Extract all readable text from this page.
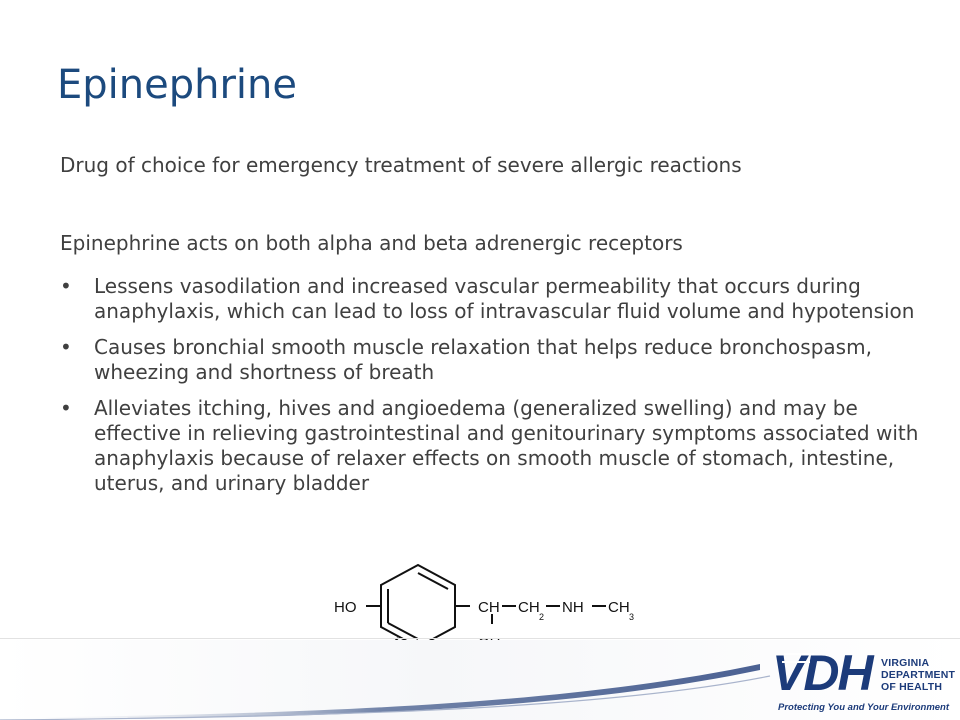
Epinephrine
Drug of choice for emergency treatment of severe allergic reactions
Epinephrine acts on both alpha and beta adrenergic receptors
• Lessens vasodilation and increased vascular permeability that occurs during anaphylaxis, which can lead to loss of intravascular fluid volume and hypotension
• Causes bronchial smooth muscle relaxation that helps reduce bronchospasm, wheezing and shortness of breath
• Alleviates itching, hives and angioedema (generalized swelling) and may be effective in relieving gastrointestinal and genitourinary symptoms associated with anaphylaxis because of relaxer effects on smooth muscle of stomach, intestine, uterus, and urinary bladder
HO	CH CH
2
NH CH
3
VDH VIRGINIA
DEPARTMENT
OF HEALTH
Protecting You and Your Environment
